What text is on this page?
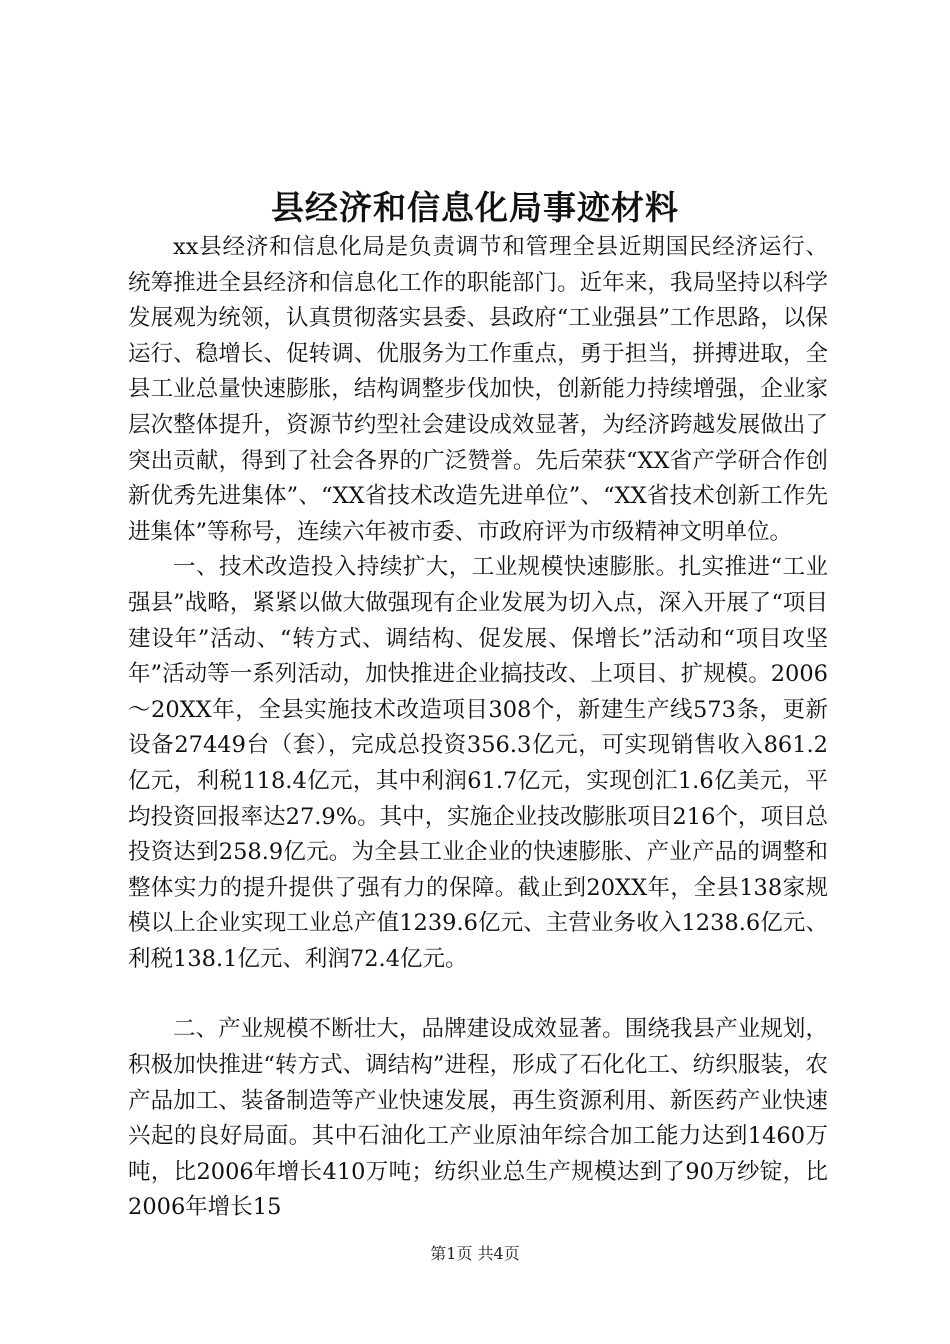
县经济和信息化局事迹材料

xx县经济和信息化局是负责调节和管理全县近期国民经济运行、统筹推进全县经济和信息化工作的职能部门。近年来，我局坚持以科学发展观为统领，认真贯彻落实县委、县政府“工业强县”工作思路，以保运行、稳增长、促转调、优服务为工作重点，勇于担当，拼搏进取，全县工业总量快速膨胀，结构调整步伐加快，创新能力持续增强，企业家层次整体提升，资源节约型社会建设成效显著，为经济跨越发展做出了突出贡献，得到了社会各界的广泛赞誉。先后荣获“XX省产学研合作创新优秀先进集体”、“XX省技术改造先进单位”、“XX省技术创新工作先进集体”等称号，连续六年被市委、市政府评为市级精神文明单位。

一、技术改造投入持续扩大，工业规模快速膨胀。扎实推进“工业强县”战略，紧紧以做大做强现有企业发展为切入点，深入开展了“项目建设年”活动、“转方式、调结构、促发展、保增长”活动和“项目攻坚年”活动等一系列活动，加快推进企业搞技改、上项目、扩规模。2006～20XX年，全县实施技术改造项目308个，新建生产线573条，更新设备27449台（套），完成总投资356.3亿元，可实现销售收入861.2亿元，利税118.4亿元，其中利润61.7亿元，实现创汇1.6亿美元，平均投资回报率达27.9%。其中，实施企业技改膨胀项目216个，项目总投资达到258.9亿元。为全县工业企业的快速膨胀、产业产品的调整和整体实力的提升提供了强有力的保障。截止到20XX年，全县138家规模以上企业实现工业总产值1239.6亿元、主营业务收入1238.6亿元、利税138.1亿元、利润72.4亿元。

二、产业规模不断壮大，品牌建设成效显著。围绕我县产业规划，积极加快推进“转方式、调结构”进程，形成了石化化工、纺织服装，农产品加工、装备制造等产业快速发展，再生资源利用、新医药产业快速兴起的良好局面。其中石油化工产业原油年综合加工能力达到1460万吨，比2006年增长410万吨；纺织业总生产规模达到了90万纱锭，比2006年增长15

第1页 共4页
